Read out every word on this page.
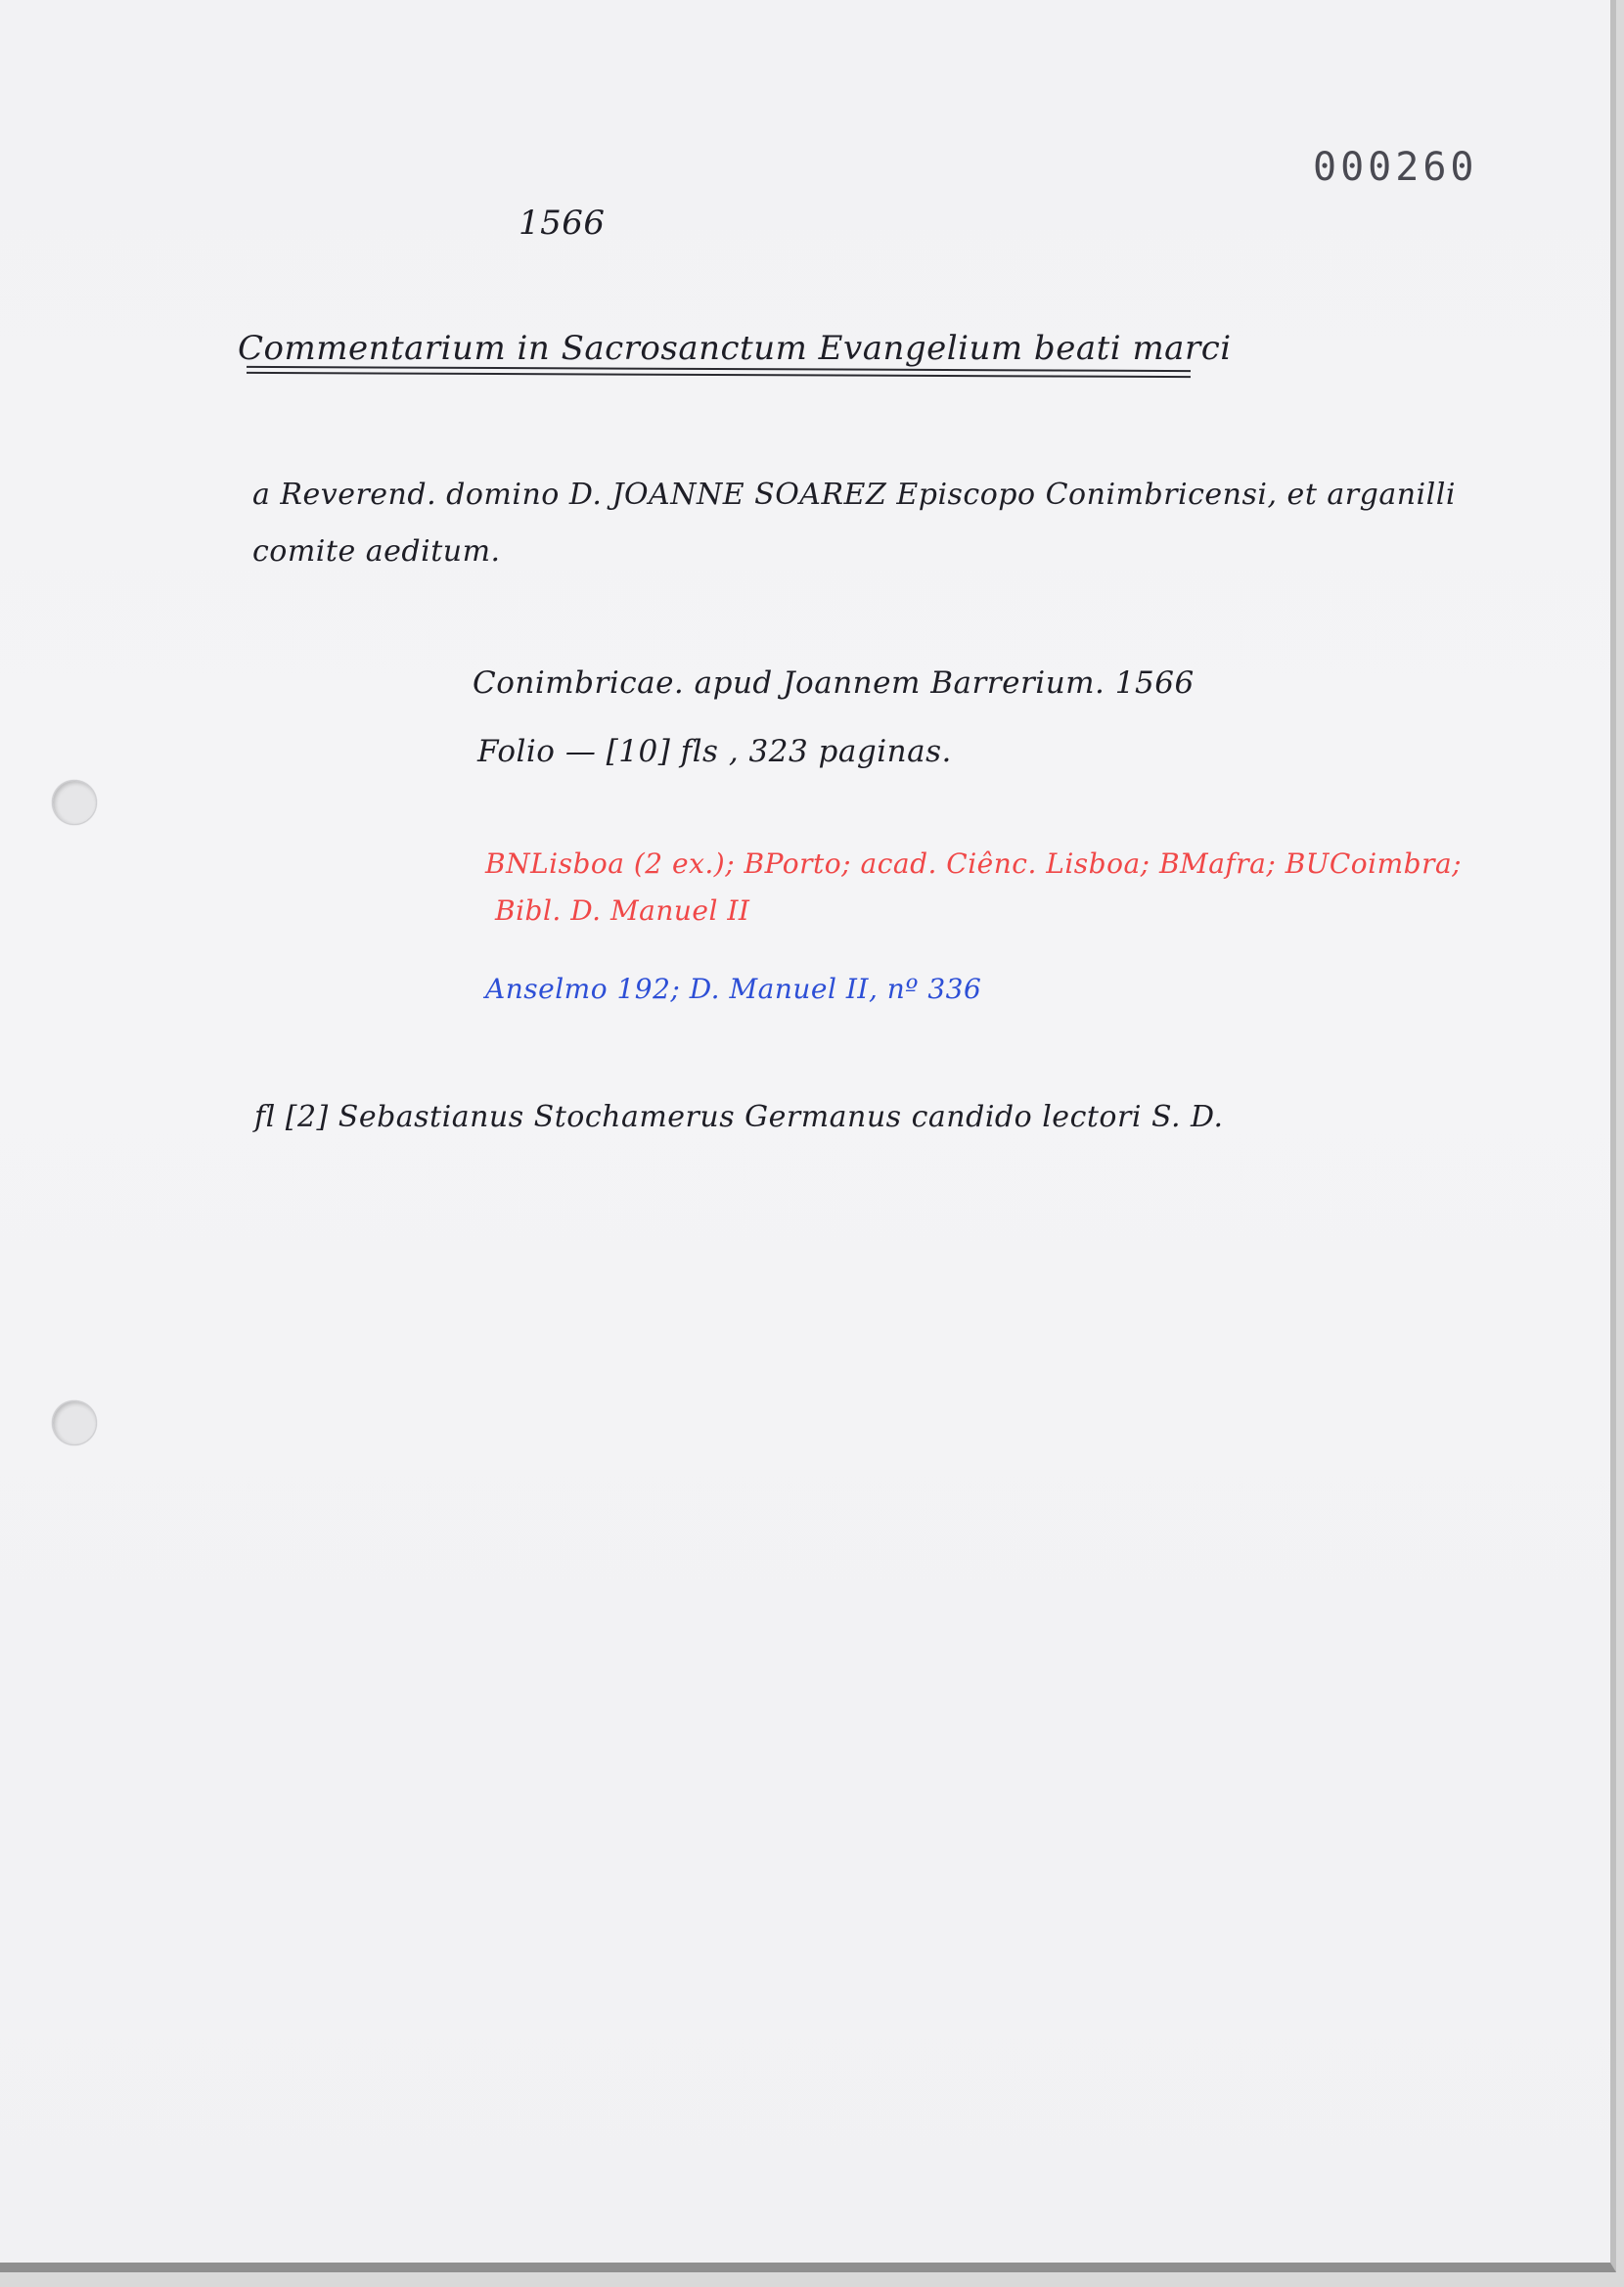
000260
1566
Commentarium in Sacrosanctum Evangelium beati marci
a Reverend. domino D. JOANNE SOAREZ Episcopo Conimbricensi, et arganilli
comite aeditum.
Conimbricae. apud Joannem Barrerium. 1566
Folio — [10] fls , 323 paginas.
BNLisboa (2 ex.); BPorto; acad. Ciênc. Lisboa; BMafra; BUCoimbra;
Bibl. D. Manuel II
Anselmo 192; D. Manuel II, nº 336
fl [2] Sebastianus Stochamerus Germanus candido lectori S. D.
